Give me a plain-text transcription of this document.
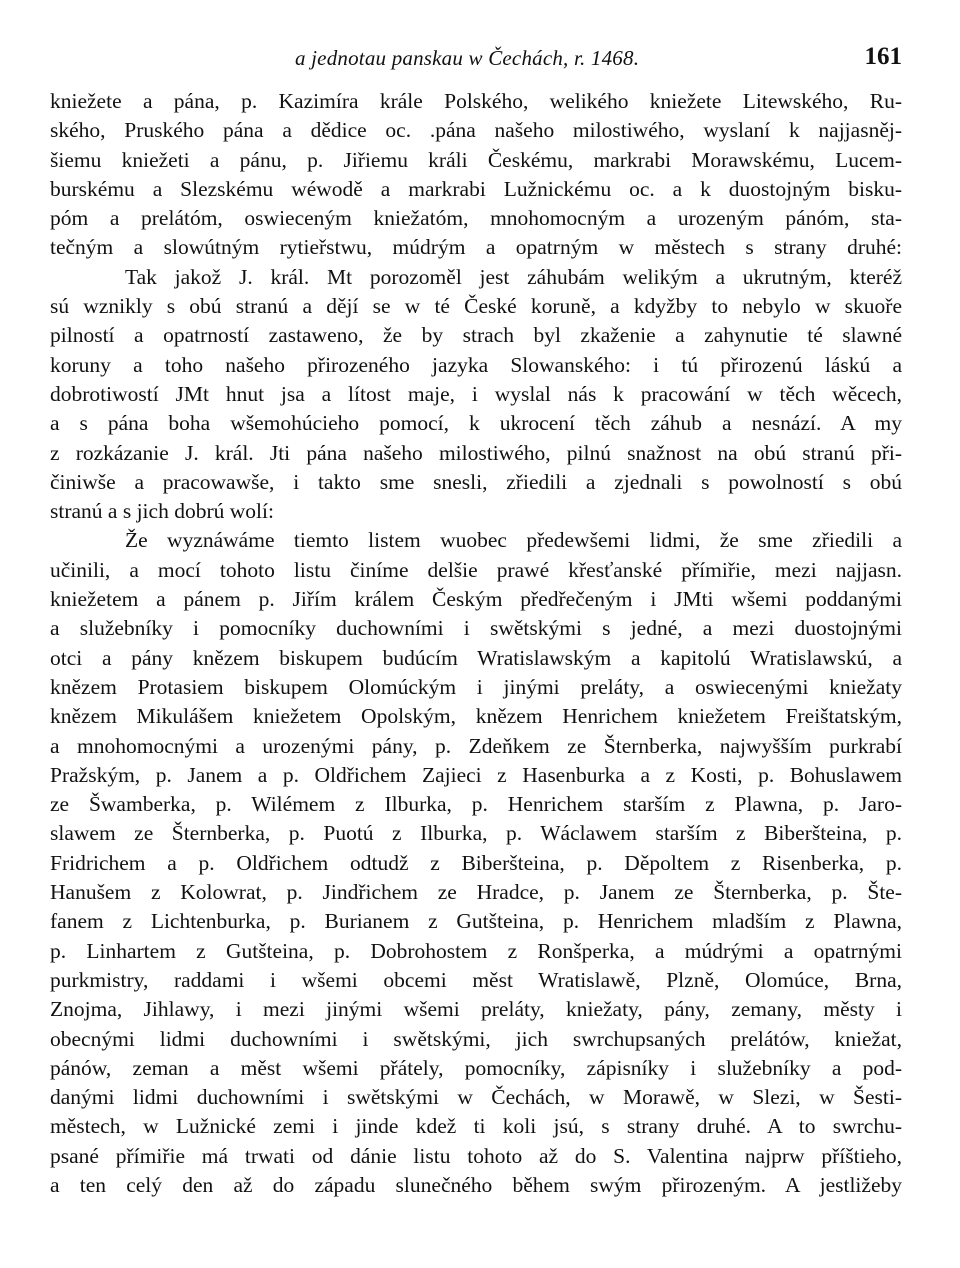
a jednotau panskau w Čechách, r. 1468.	161
kniežete a pána, p. Kazimíra krále Polského, welikého kniežete Litewského, Ru-
ského, Pruského pána a dědice oc. .pána našeho milostiwého, wyslaní k najjasněj-
šiemu kniežeti a pánu, p. Jiřiemu králi Českému, markrabi Morawskému, Lucem-
burskému a Slezskému wéwodě a markrabi Lužnickému oc. a k duostojným bisku-
póm a prelátóm, oswieceným kniežatóm, mnohomocným a urozeným pánóm, sta-
tečným a slowútným rytieřstwu, múdrým a opatrným w městech s strany druhé:
Tak jakož J. král. Mt porozoměl jest záhubám welikým a ukrutným, kteréž
sú wznikly s obú stranú a dějí se w té České koruně, a kdyžby to nebylo w skuoře
pilností a opatrností zastaweno, že by strach byl zkaženie a zahynutie té slawné
koruny a toho našeho přirozeného jazyka Slowanského: i tú přirozenú láskú a
dobrotiwostí JMt hnut jsa a lítost maje, i wyslal nás k pracowání w těch wěcech,
a s pána boha wšemohúcieho pomocí, k ukrocení těch záhub a nesnází. A my
z rozkázanie J. král. Jti pána našeho milostiwého, pilnú snažnost na obú stranú při-
činiwše a pracowawše, i takto sme snesli, zřiedili a zjednali s powolností s obú
stranú a s jich dobrú wolí:
Že wyznáwáme tiemto listem wuobec předewšemi lidmi, že sme zřiedili a
učinili, a mocí tohoto listu činíme delšie prawé křesťanské přímiřie, mezi najjasn.
kniežetem a pánem p. Jiřím králem Českým předřečeným i JMti wšemi poddanými
a služebníky i pomocníky duchowními i swětskými s jedné, a mezi duostojnými
otci a pány knězem biskupem budúcím Wratislawským a kapitolú Wratislawskú, a
knězem Protasiem biskupem Olomúckým i jinými preláty, a oswiecenými kniežaty
knězem Mikulášem kniežetem Opolským, knězem Henrichem kniežetem Freištatským,
a mnohomocnými a urozenými pány, p. Zdeňkem ze Šternberka, najwyšším purkrabí
Pražským, p. Janem a p. Oldřichem Zajieci z Hasenburka a z Kosti, p. Bohuslawem
ze Šwamberka, p. Wilémem z Ilburka, p. Henrichem starším z Plawna, p. Jaro-
slawem ze Šternberka, p. Puotú z Ilburka, p. Wáclawem starším z Biberšteina, p.
Fridrichem a p. Oldřichem odtudž z Biberšteina, p. Děpoltem z Risenberka, p.
Hanušem z Kolowrat, p. Jindřichem ze Hradce, p. Janem ze Šternberka, p. Šte-
fanem z Lichtenburka, p. Burianem z Gutšteina, p. Henrichem mladším z Plawna,
p. Linhartem z Gutšteina, p. Dobrohostem z Ronšperka, a múdrými a opatrnými
purkmistry, raddami i wšemi obcemi měst Wratislawě, Plzně, Olomúce, Brna,
Znojma, Jihlawy, i mezi jinými wšemi preláty, kniežaty, pány, zemany, městy i
obecnými lidmi duchowními i swětskými, jich swrchupsaných prelátów, kniežat,
pánów, zeman a měst wšemi přátely, pomocníky, zápisníky i služebníky a pod-
danými lidmi duchowními i swětskými w Čechách, w Morawě, w Slezi, w Šesti-
městech, w Lužnické zemi i jinde kdež ti koli jsú, s strany druhé. A to swrchu-
psané přímiřie má trwati od dánie listu tohoto až do S. Valentina najprw příštieho,
a ten celý den až do západu slunečného během swým přirozeným. A jestližeby
